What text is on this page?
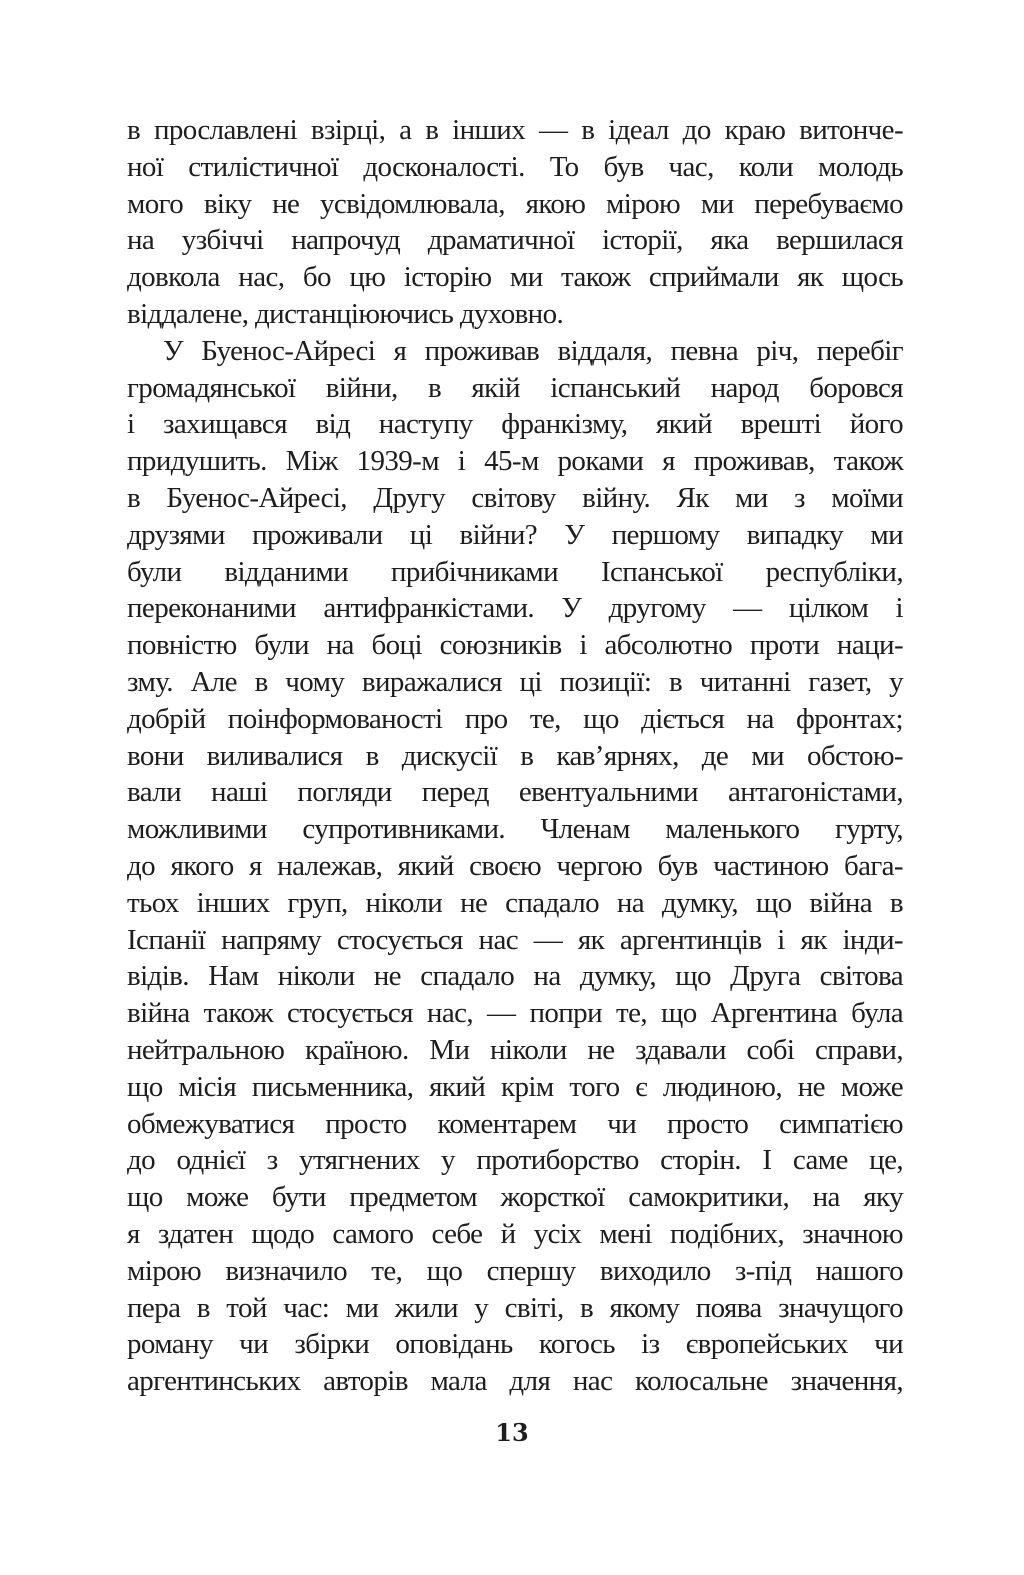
в прославлені взірці, а в інших — в ідеал до краю витонче-
ної стилістичної досконалості. То був час, коли молодь
мого віку не усвідомлювала, якою мірою ми перебуваємо
на узбіччі напрочуд драматичної історії, яка вершилася
довкола нас, бо цю історію ми також сприймали як щось
віддалене, дистанціюючись духовно.
У Буенос-Айресі я проживав віддаля, певна річ, перебіг
громадянської війни, в якій іспанський народ боровся
і захищався від наступу франкізму, який врешті його
придушить. Між 1939-м і 45-м роками я проживав, також
в Буенос-Айресі, Другу світову війну. Як ми з моїми
друзями проживали ці війни? У першому випадку ми
були відданими прибічниками Іспанської республіки,
переконаними антифранкістами. У другому — цілком і
повністю були на боці союзників і абсолютно проти наци-
зму. Але в чому виражалися ці позиції: в читанні газет, у
добрій поінформованості про те, що діється на фронтах;
вони виливалися в дискусії в кав’ярнях, де ми обстою-
вали наші погляди перед евентуальними антагоністами,
можливими супротивниками. Членам маленького гурту,
до якого я належав, який своєю чергою був частиною бага-
тьох інших груп, ніколи не спадало на думку, що війна в
Іспанії напряму стосується нас — як аргентинців і як інди-
відів. Нам ніколи не спадало на думку, що Друга світова
війна також стосується нас, — попри те, що Аргентина була
нейтральною країною. Ми ніколи не здавали собі справи,
що місія письменника, який крім того є людиною, не може
обмежуватися просто коментарем чи просто симпатією
до однієї з утягнених у протиборство сторін. І саме це,
що може бути предметом жорсткої самокритики, на яку
я здатен щодо самого себе й усіх мені подібних, значною
мірою визначило те, що спершу виходило з-під нашого
пера в той час: ми жили у світі, в якому поява значущого
роману чи збірки оповідань когось із європейських чи
аргентинських авторів мала для нас колосальне значення,
13
